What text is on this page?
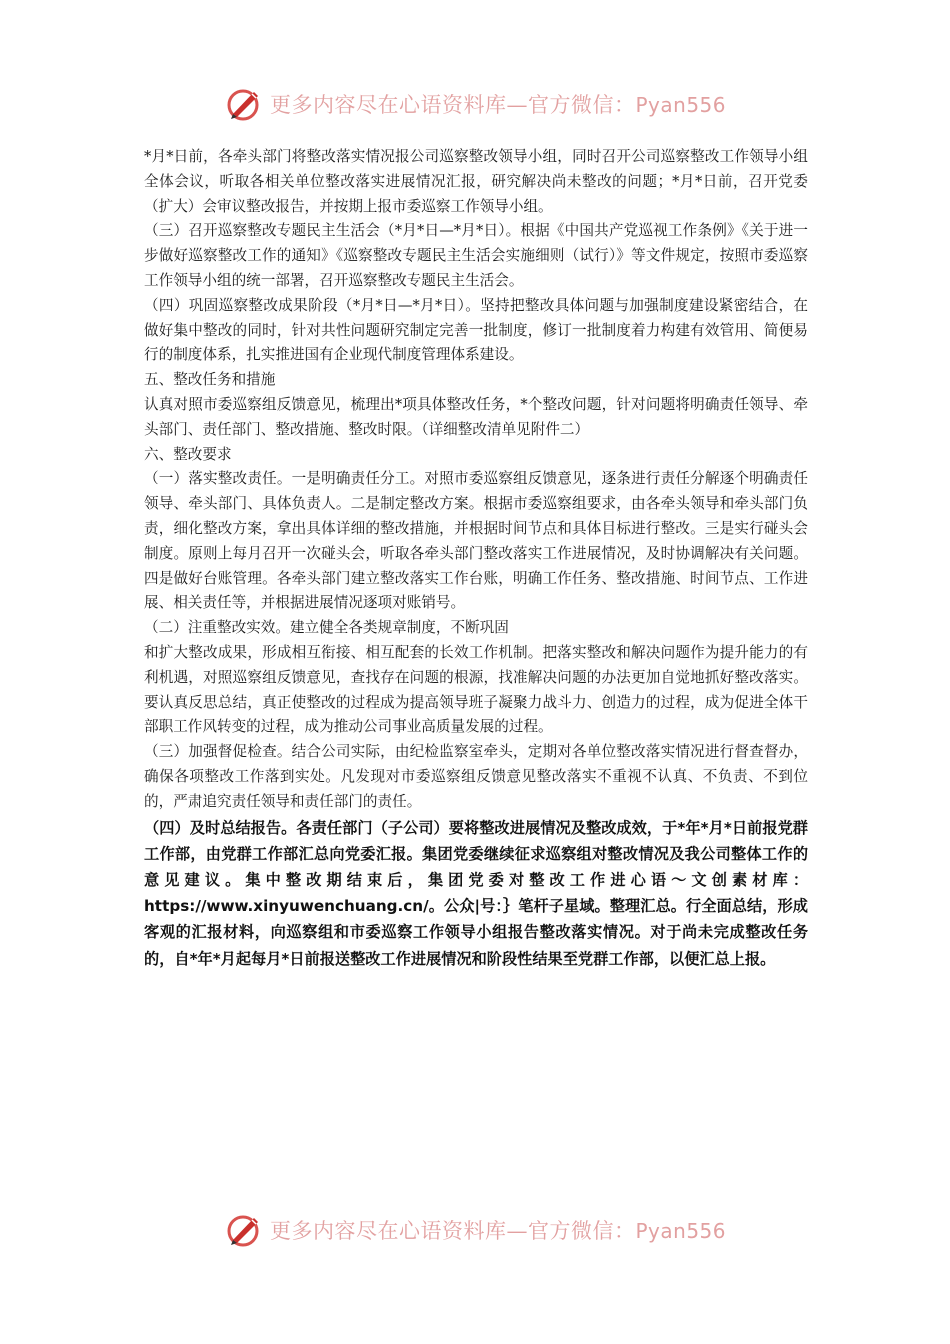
更多内容尽在心语资料库—官方微信：Pyan556

*月*日前，各牵头部门将整改落实情况报公司巡察整改领导小组，同时召开公司巡察整改工作领导小组全体会议，听取各相关单位整改落实进展情况汇报，研究解决尚未整改的问题；*月*日前，召开党委（扩大）会审议整改报告，并按期上报市委巡察工作领导小组。

（三）召开巡察整改专题民主生活会（*月*日—*月*日）。根据《中国共产党巡视工作条例》《关于进一步做好巡察整改工作的通知》《巡察整改专题民主生活会实施细则（试行）》等文件规定，按照市委巡察工作领导小组的统一部署，召开巡察整改专题民主生活会。

（四）巩固巡察整改成果阶段（*月*日—*月*日）。坚持把整改具体问题与加强制度建设紧密结合，在做好集中整改的同时，针对共性问题研究制定完善一批制度，修订一批制度着力构建有效管用、简便易行的制度体系，扎实推进国有企业现代制度管理体系建设。

五、整改任务和措施

认真对照市委巡察组反馈意见，梳理出*项具体整改任务，*个整改问题，针对问题将明确责任领导、牵头部门、责任部门、整改措施、整改时限。（详细整改清单见附件二）

六、整改要求

（一）落实整改责任。一是明确责任分工。对照市委巡察组反馈意见，逐条进行责任分解逐个明确责任领导、牵头部门、具体负责人。二是制定整改方案。根据市委巡察组要求，由各牵头领导和牵头部门负责，细化整改方案，拿出具体详细的整改措施，并根据时间节点和具体目标进行整改。三是实行碰头会制度。原则上每月召开一次碰头会，听取各牵头部门整改落实工作进展情况，及时协调解决有关问题。四是做好台账管理。各牵头部门建立整改落实工作台账，明确工作任务、整改措施、时间节点、工作进展、相关责任等，并根据进展情况逐项对账销号。

（二）注重整改实效。建立健全各类规章制度，不断巩固

和扩大整改成果，形成相互衔接、相互配套的长效工作机制。把落实整改和解决问题作为提升能力的有利机遇，对照巡察组反馈意见，查找存在问题的根源，找准解决问题的办法更加自觉地抓好整改落实。要认真反思总结，真正使整改的过程成为提高领导班子凝聚力战斗力、创造力的过程，成为促进全体干部职工作风转变的过程，成为推动公司事业高质量发展的过程。

（三）加强督促检查。结合公司实际，由纪检监察室牵头，定期对各单位整改落实情况进行督查督办，确保各项整改工作落到实处。凡发现对市委巡察组反馈意见整改落实不重视不认真、不负责、不到位的，严肃追究责任领导和责任部门的责任。

（四）及时总结报告。各责任部门（子公司）要将整改进展情况及整改成效，于*年*月*日前报党群工作部，由党群工作部汇总向党委汇报。集团党委继续征求巡察组对整改情况及我公司整体工作的意见建议。集中整改期结束后，集团党委对整改工作进心语～文创素材库：https://www.xinyuwenchuang.cn/。公众|号：｝笔杆子星域。整理汇总。行全面总结，形成客观的汇报材料，向巡察组和市委巡察工作领导小组报告整改落实情况。对于尚未完成整改任务的，自*年*月起每月*日前报送整改工作进展情况和阶段性结果至党群工作部，以便汇总上报。

更多内容尽在心语资料库—官方微信：Pyan556
